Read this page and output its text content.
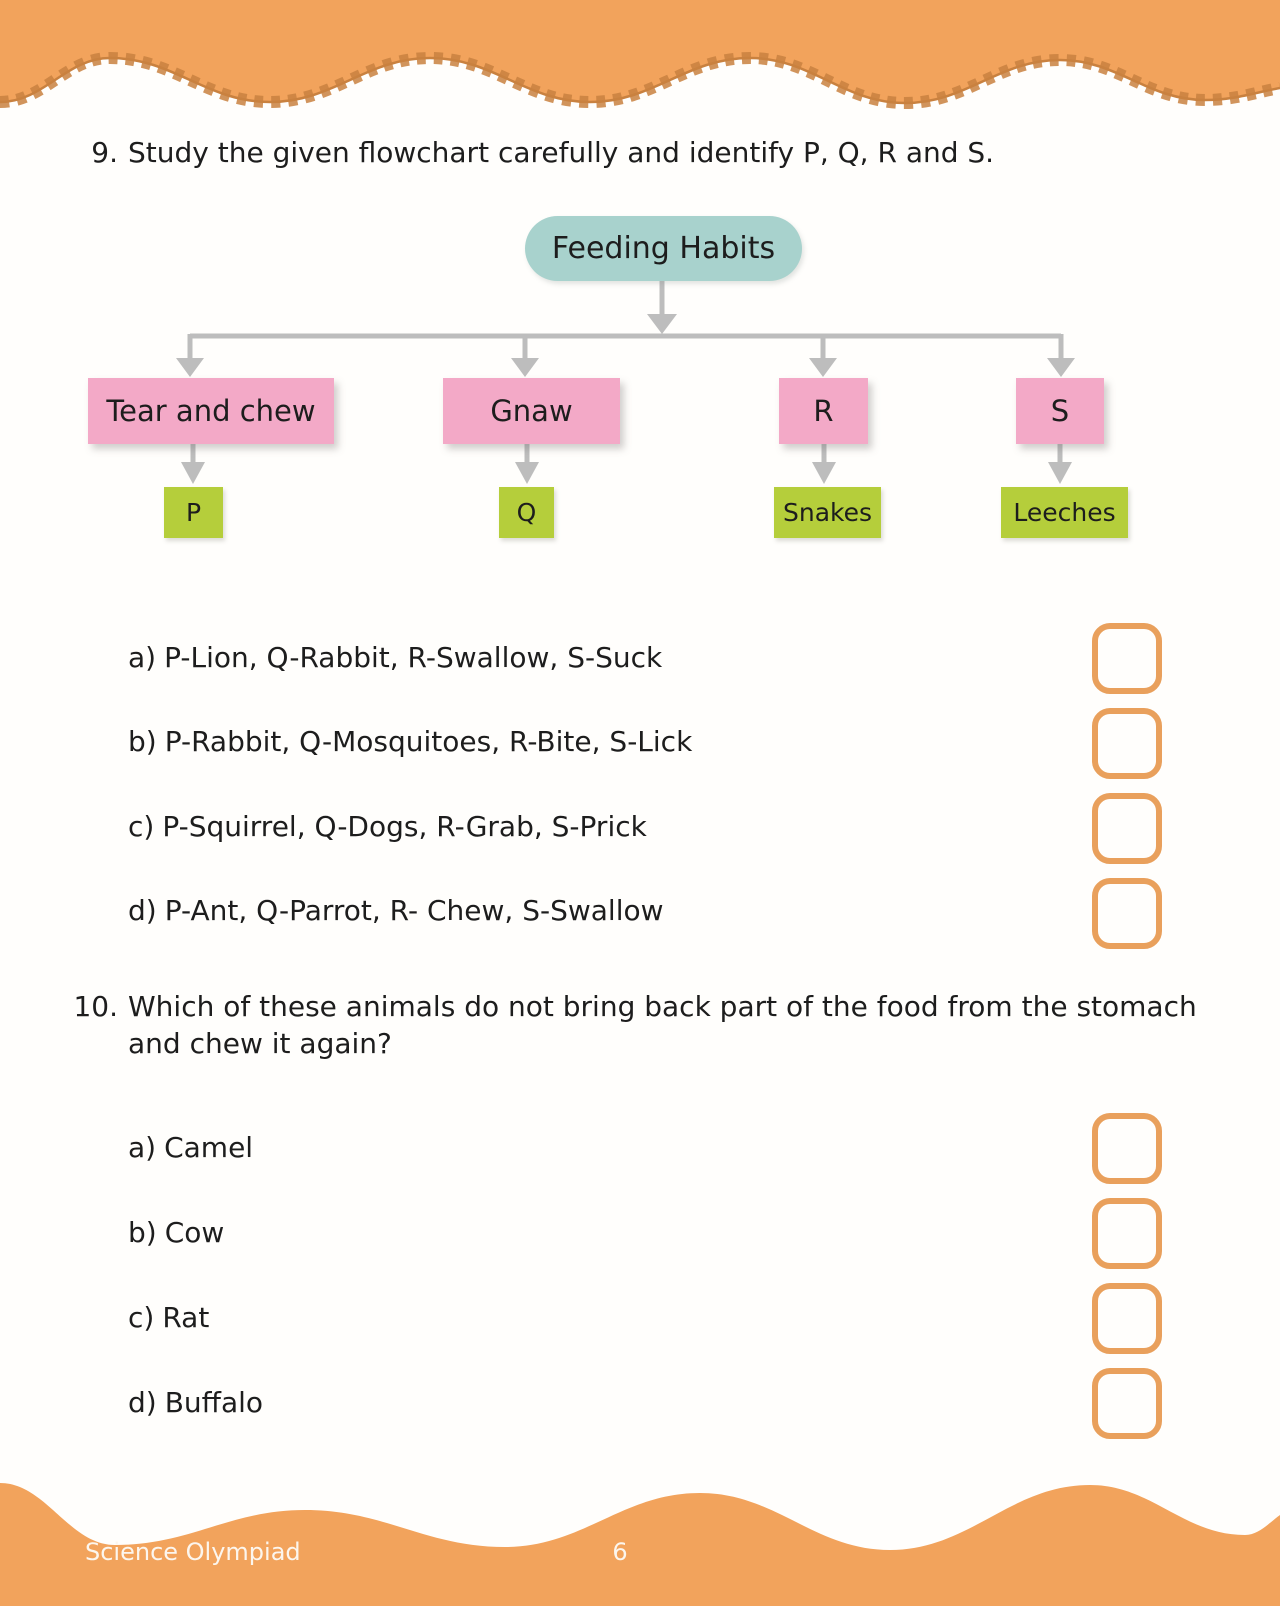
9. Study the given flowchart carefully and identify P, Q, R and S.
Feeding Habits
Tear and chew	Gnaw	R	S
P	Q	Snakes	Leeches
a) P-Lion, Q-Rabbit, R-Swallow, S-Suck
b) P-Rabbit, Q-Mosquitoes, R-Bite, S-Lick
c) P-Squirrel, Q-Dogs, R-Grab, S-Prick
d) P-Ant, Q-Parrot, R- Chew, S-Swallow
10. Which of these animals do not bring back part of the food from the stomach
and chew it again?
a) Camel
b) Cow
c) Rat
d) Buffalo
Science Olympiad	6
